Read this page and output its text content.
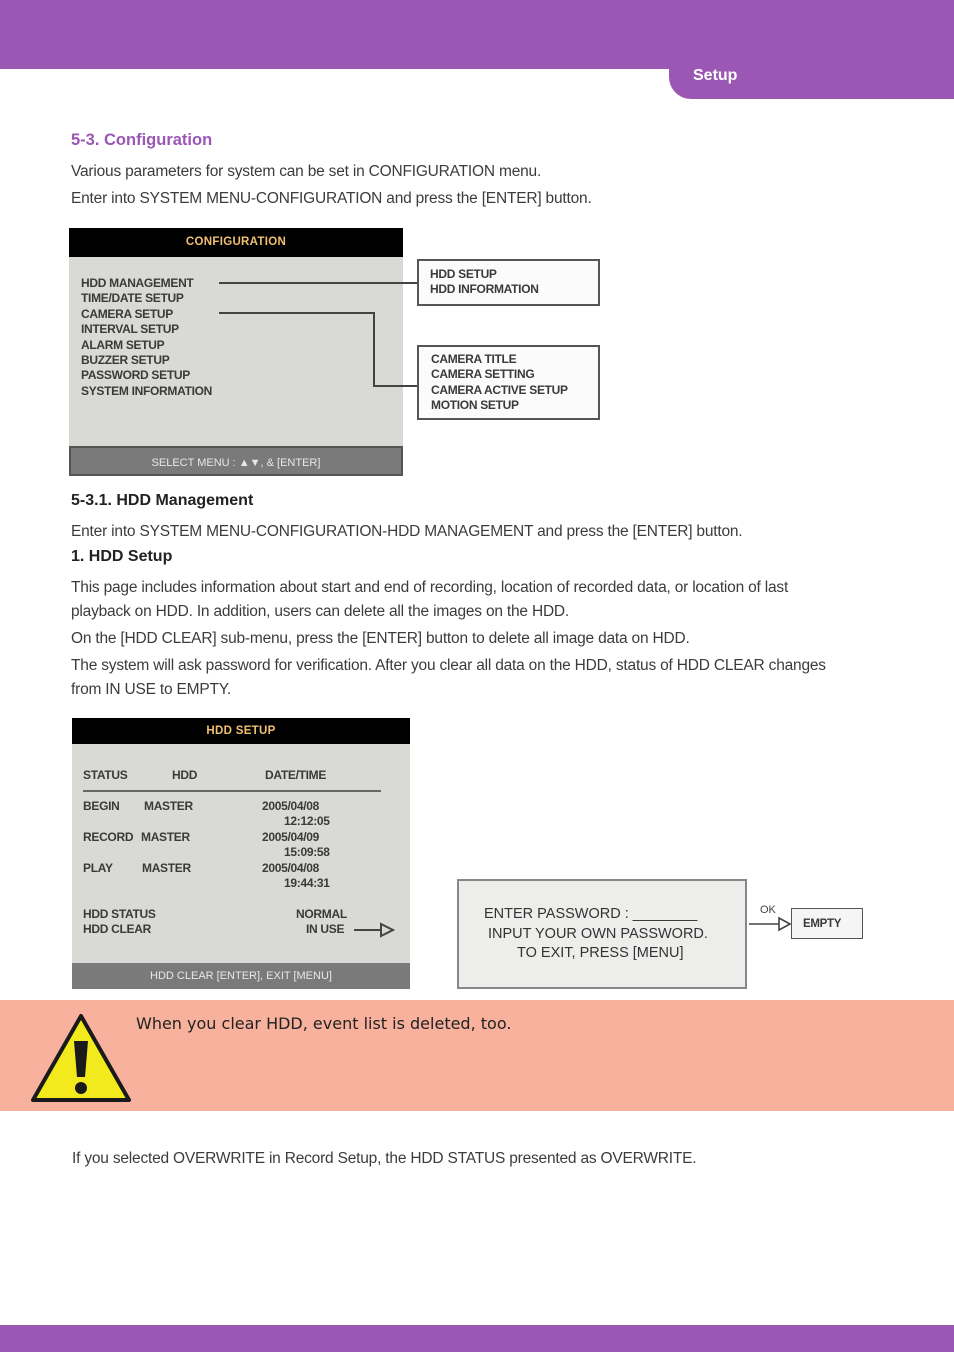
Setup
5-3. Configuration
Various parameters for system can be set in CONFIGURATION menu.
Enter into SYSTEM MENU-CONFIGURATION and press the [ENTER] button.
CONFIGURATION
HDD MANAGEMENT
TIME/DATE SETUP
CAMERA SETUP
INTERVAL SETUP
ALARM SETUP
BUZZER SETUP
PASSWORD SETUP
SYSTEM INFORMATION
SELECT MENU : ▲▼, & [ENTER]
HDD SETUP
HDD INFORMATION
CAMERA TITLE
CAMERA SETTING
CAMERA ACTIVE SETUP
MOTION SETUP
5-3.1. HDD Management
Enter into SYSTEM MENU-CONFIGURATION-HDD MANAGEMENT and press the [ENTER] button.
1. HDD Setup
This page includes information about start and end of recording, location of recorded data, or location of last
playback on HDD. In addition, users can delete all the images on the HDD.
On the [HDD CLEAR] sub-menu, press the [ENTER] button to delete all image data on HDD.
The system will ask password for verification. After you clear all data on the HDD, status of HDD CLEAR changes
from IN USE to EMPTY.
HDD SETUP
STATUS	HDD	DATE/TIME
BEGIN MASTER	2005/04/08
12:12:05
RECORD MASTER	2005/04/09
15:09:58
PLAY MASTER	2005/04/08
19:44:31
HDD STATUS	NORMAL
HDD CLEAR	IN USE
HDD CLEAR [ENTER], EXIT [MENU]
ENTER PASSWORD : ________
INPUT YOUR OWN PASSWORD.
TO EXIT, PRESS [MENU]
OK
EMPTY
When you clear HDD, event list is deleted, too.
If you selected OVERWRITE in Record Setup, the HDD STATUS presented as OVERWRITE.
